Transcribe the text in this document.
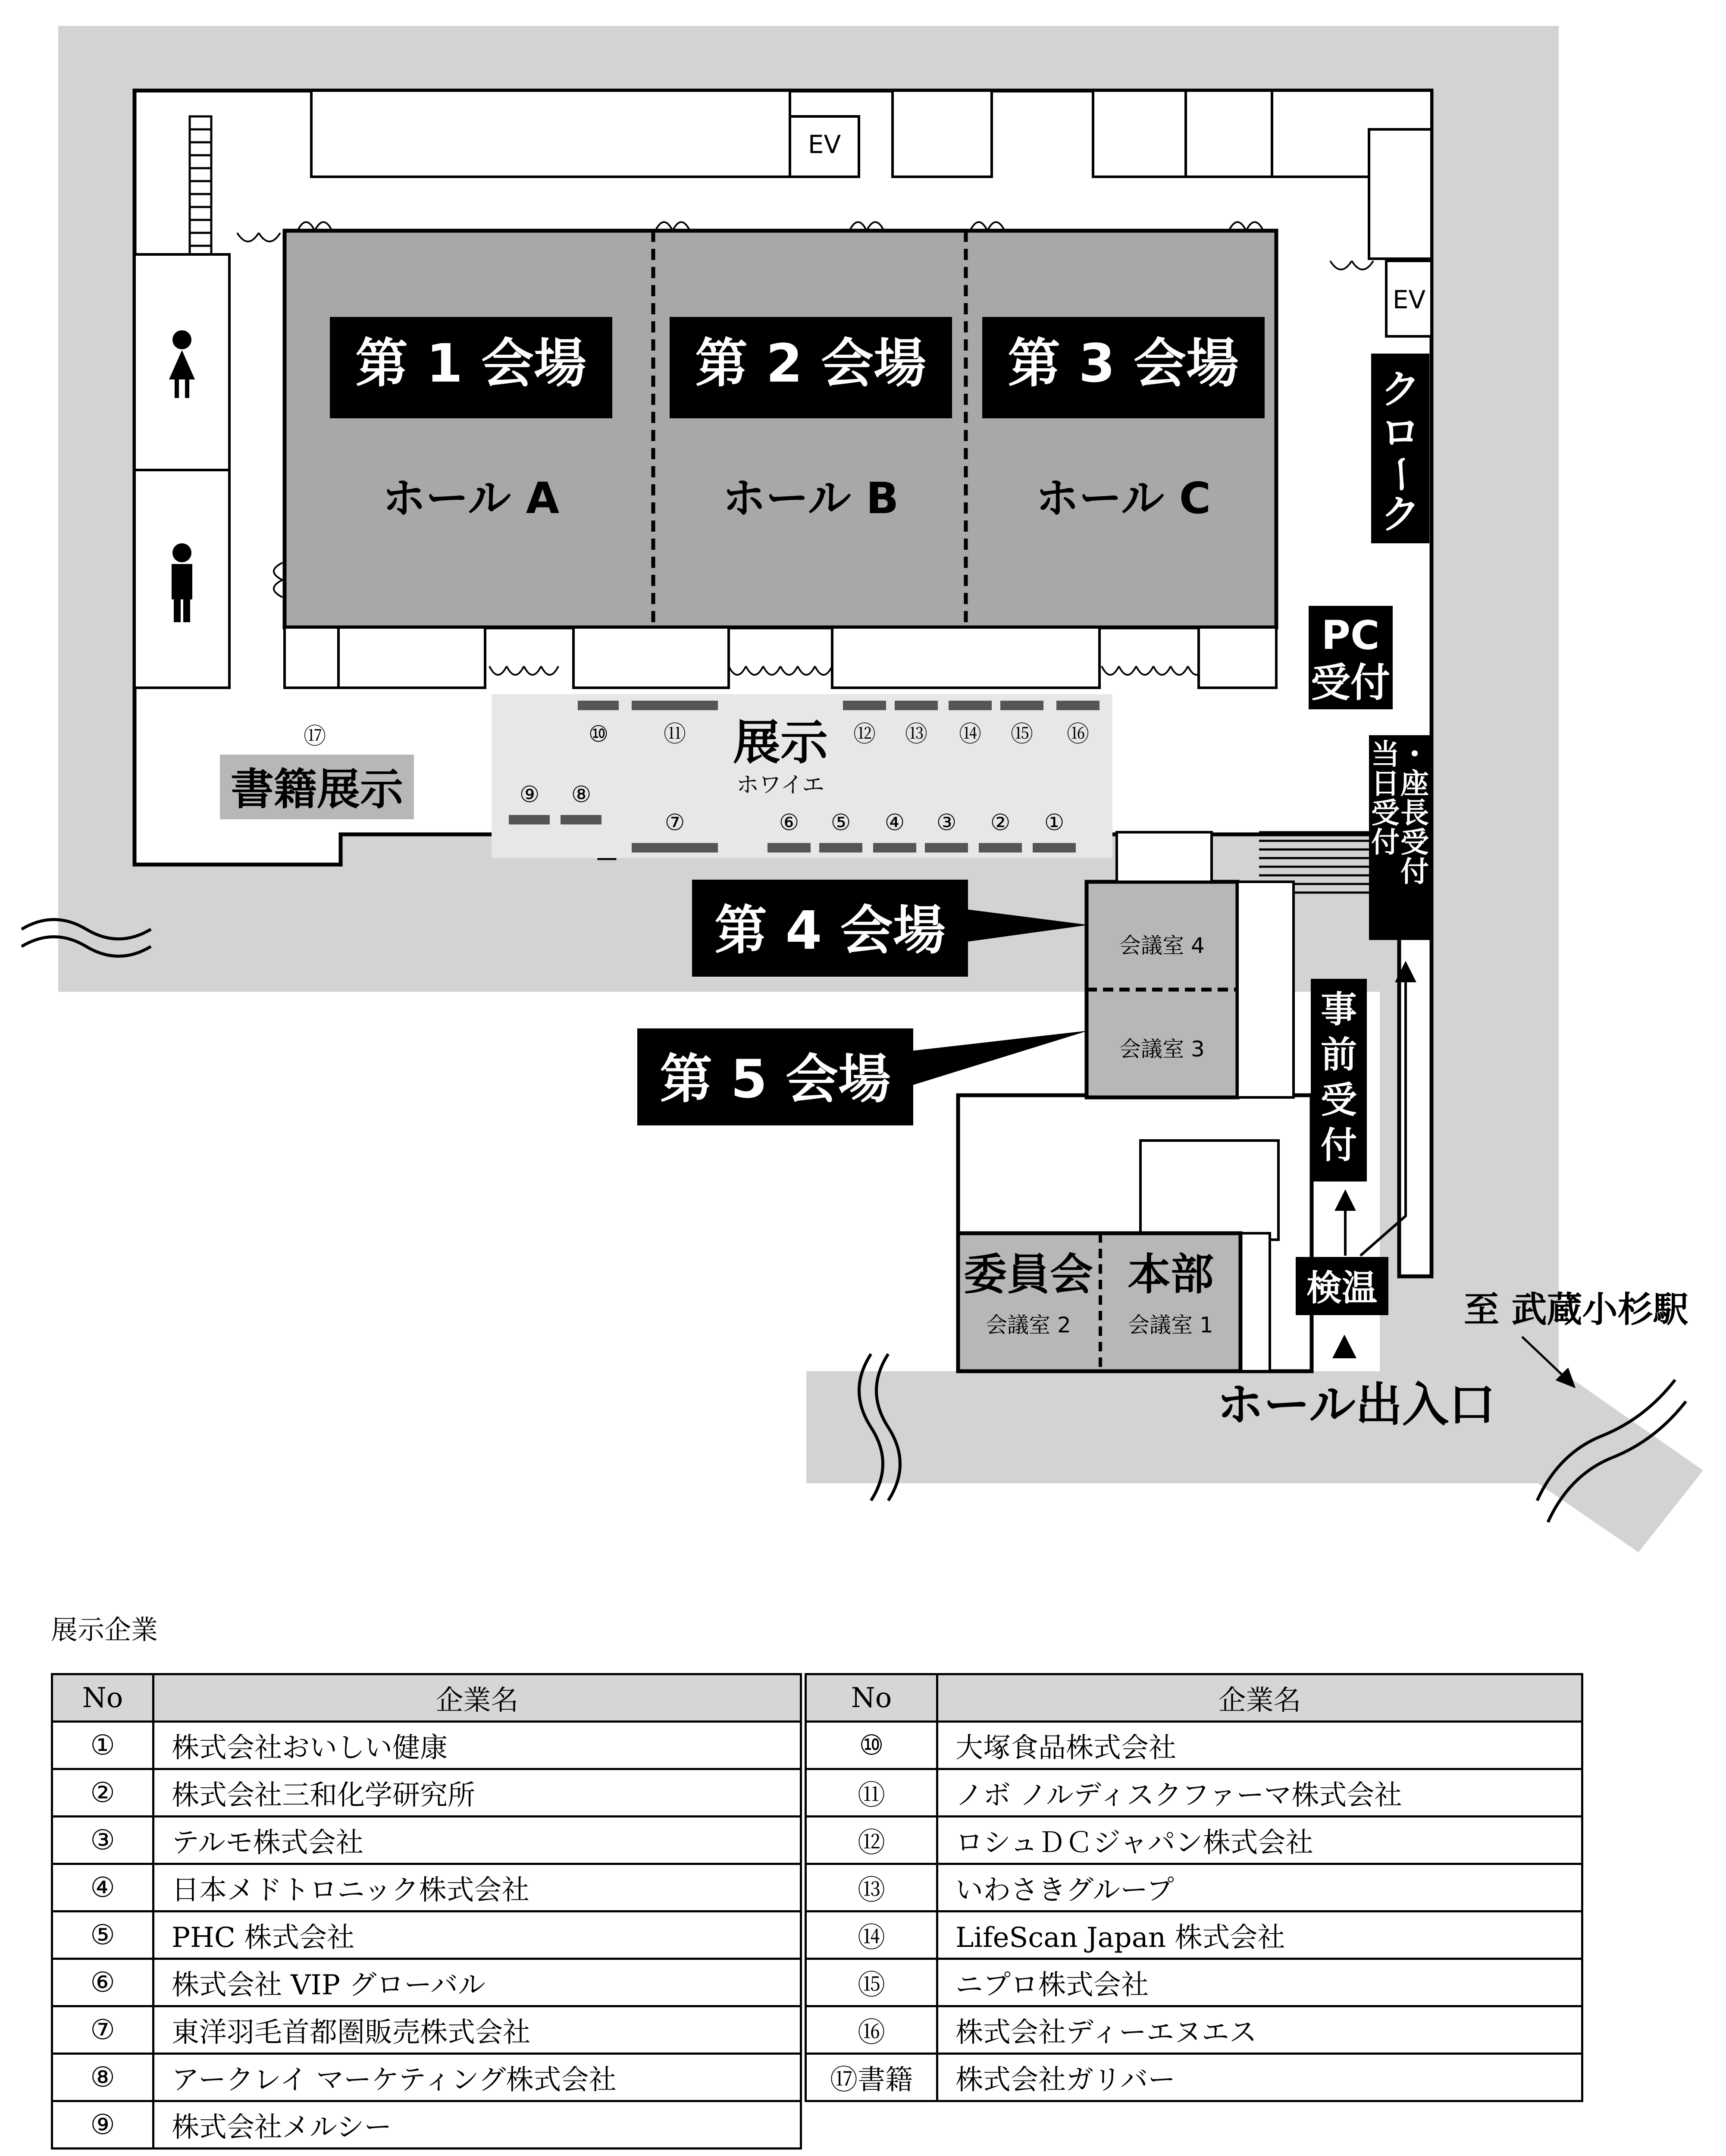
EV
EV
第 1 会場
ホール A
第 2 会場
ホール B
第 3 会場
ホール C
ク
ロ
ー
ク
PC
受付
⑩ ⑪	⑫ ⑬ ⑭ ⑮ ⑯
⑨ ⑧
⑦	⑥ ⑤ ④ ③ ② ①
⑰	展示
ホワイエ
書籍展示
当
日
受
付
・
座
長
受
付
会議室 4
会議室 3
第 4 会場
第 5 会場
事
前
受
付
委員会
会議室 2
本部
会議室 1
検温
ホール出入口
至 武蔵小杉駅
展示企業
No	企業名
①	株式会社おいしい健康
②	株式会社三和化学研究所
③	テルモ株式会社
④	日本メドトロニック株式会社
⑤	PHC 株式会社
⑥	株式会社 VIP グローバル
⑦	東洋羽毛首都圏販売株式会社
⑧	アークレイ マーケティング株式会社
⑨	株式会社メルシー
No	企業名
⑩	大塚食品株式会社
⑪	ノボ ノルディスクファーマ株式会社
⑫	ロシュＤＣジャパン株式会社
⑬	いわさきグループ
⑭	LifeScan Japan 株式会社
⑮	ニプロ株式会社
⑯	株式会社ディーエヌエス
⑰書籍	株式会社ガリバー
